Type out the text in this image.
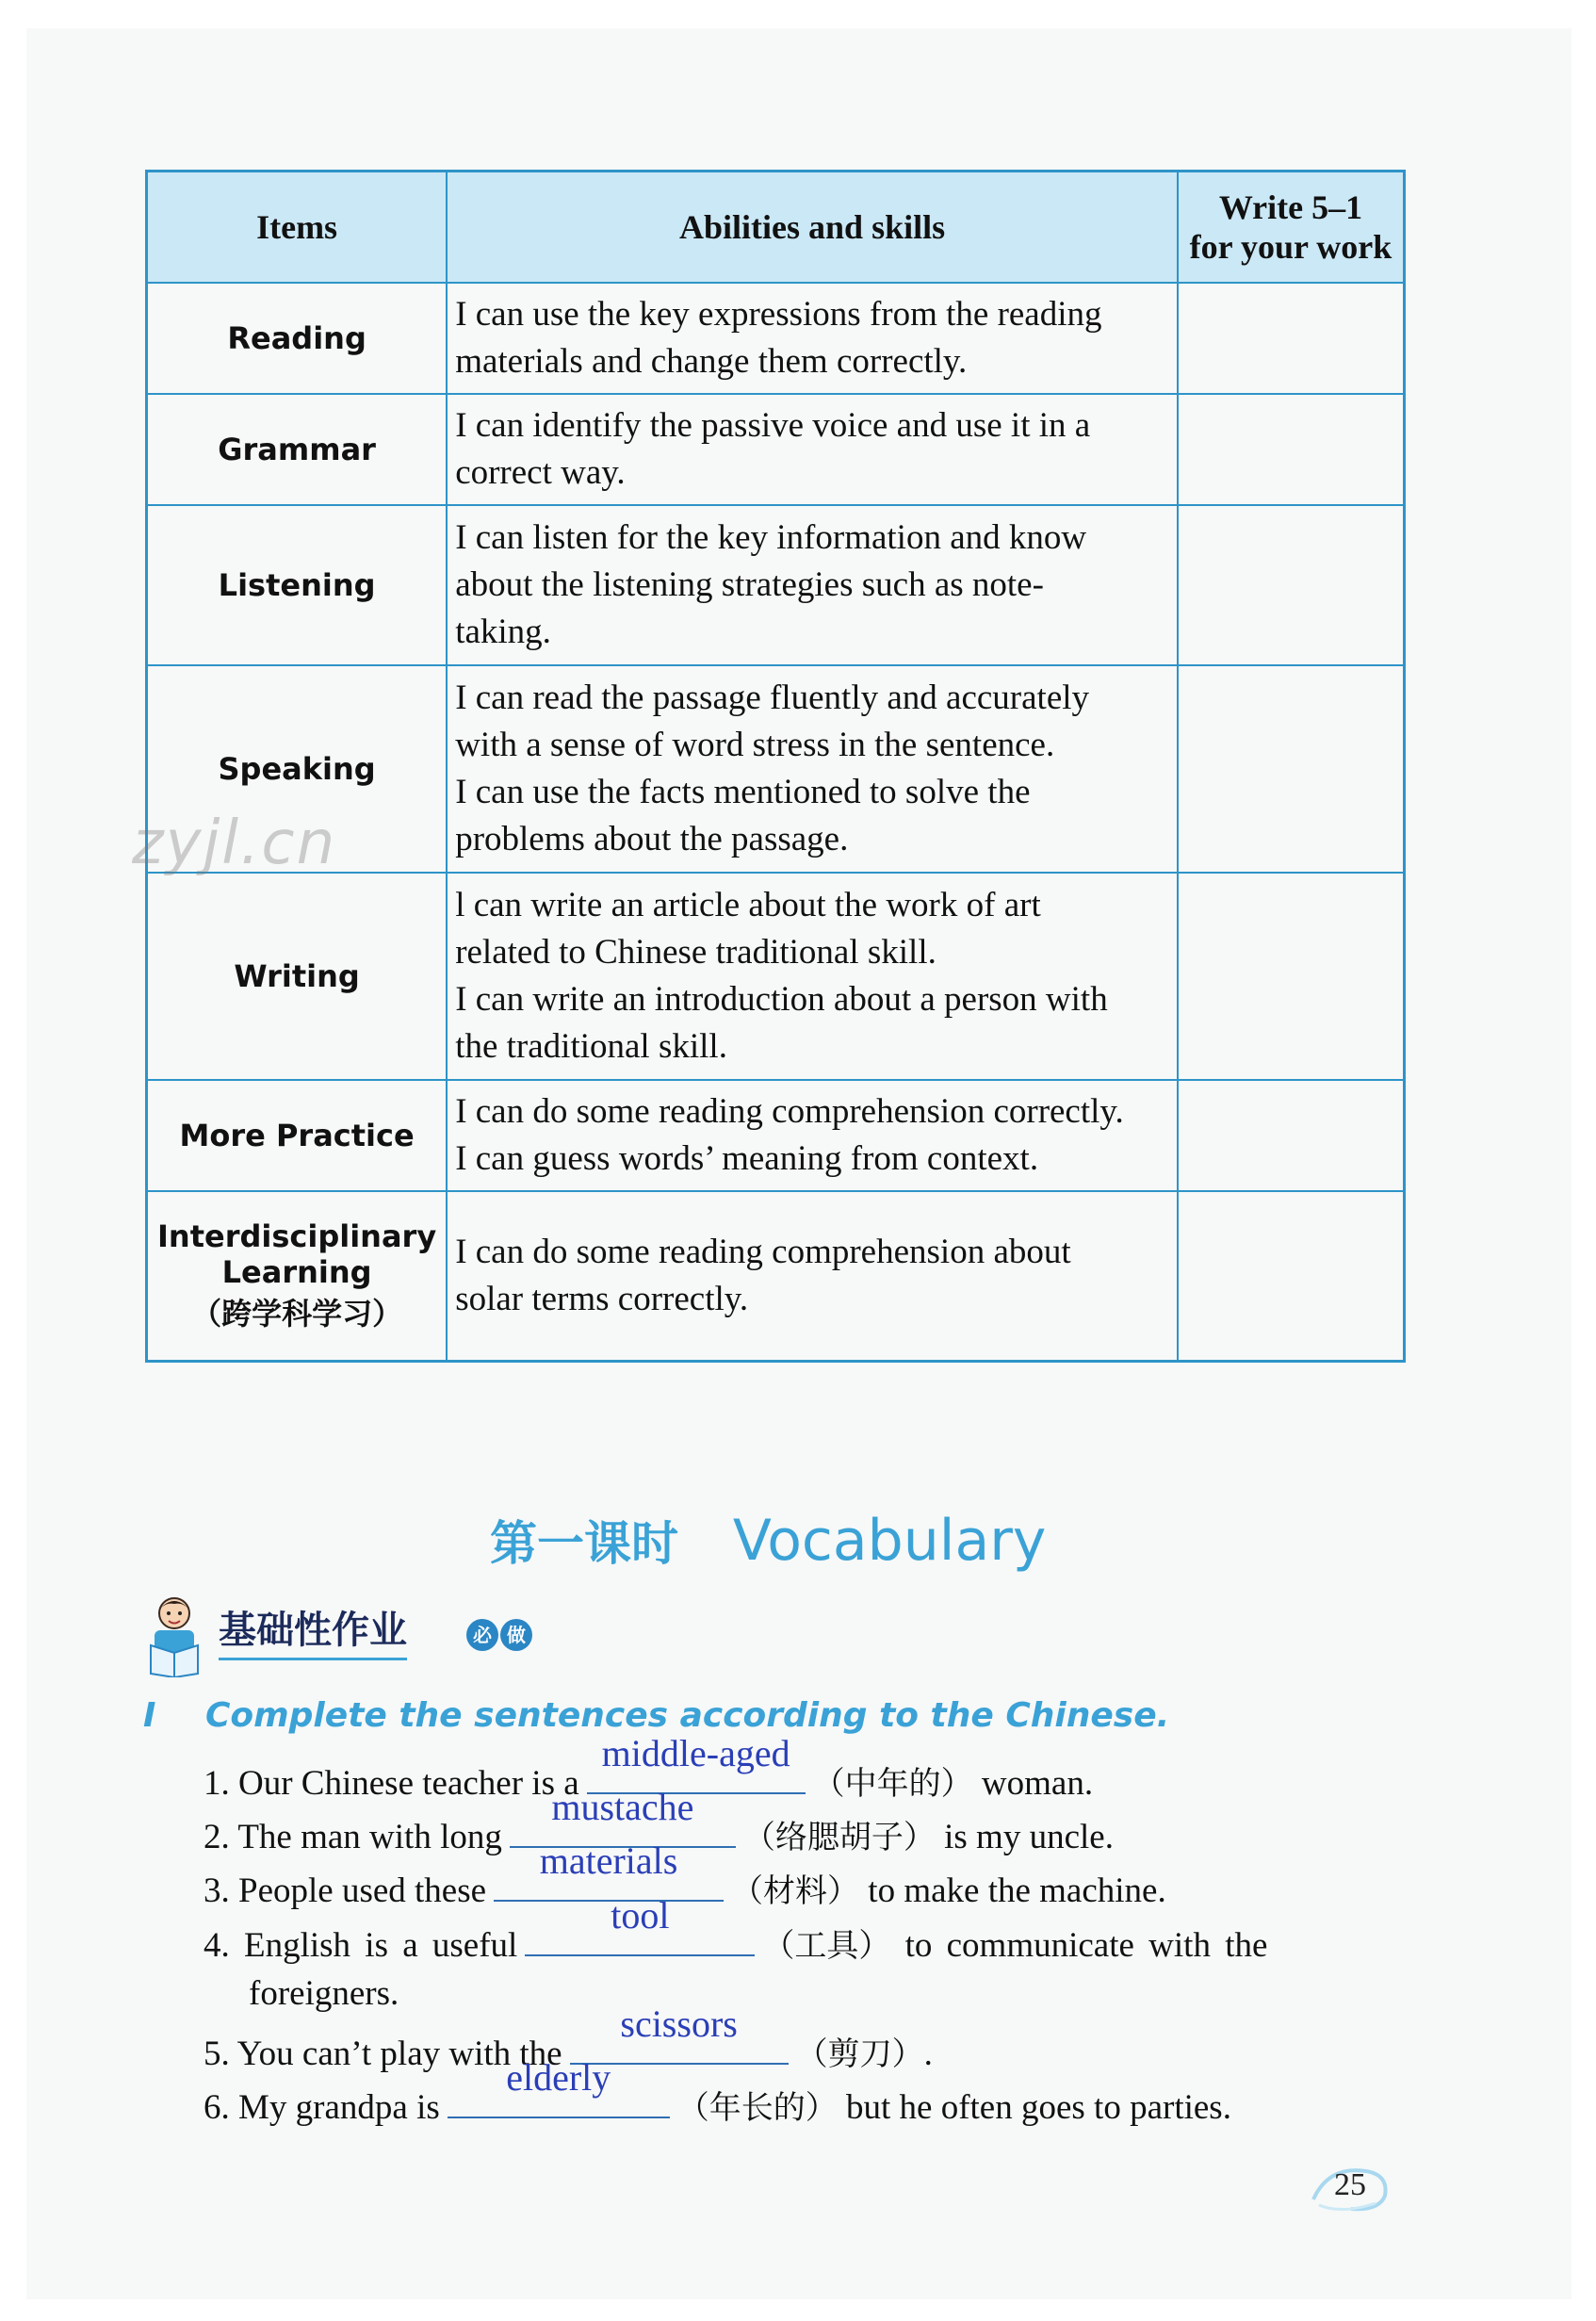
Items	Abilities and skills	Write 5–1
for your work

Reading	I can use the key expressions from the reading
materials and change them correctly.	

Grammar	I can identify the passive voice and use it in a
correct way.	

Listening	I can listen for the key information and know
about the listening strategies such as note-
taking.	

Speaking	I can read the passage fluently and accurately
with a sense of word stress in the sentence.
I can use the facts mentioned to solve the
problems about the passage.	

Writing	l can write an article about the work of art
related to Chinese traditional skill.
I can write an introduction about a person with
the traditional skill.	

More Practice	I can do some reading comprehension correctly.
I can guess words’ meaning from context.	

Interdisciplinary Learning
（跨学科学习）	I can do some reading comprehension about
solar terms correctly.	

zyjl.cn
第一课时 Vocabulary
基础性作业	必 做
I Complete the sentences according to the Chinese.
1. Our Chinese teacher is a
middle-aged
（中年的） woman.
2. The man with long
mustache
（络腮胡子） is my uncle.
3. People used these
materials
（材料） to make the machine.
4. English is a useful
tool
（工具） to communicate with the
foreigners.
5. You can’t play with the
scissors
（剪刀）.
6. My grandpa is
elderly
（年长的） but he often goes to parties.
25
